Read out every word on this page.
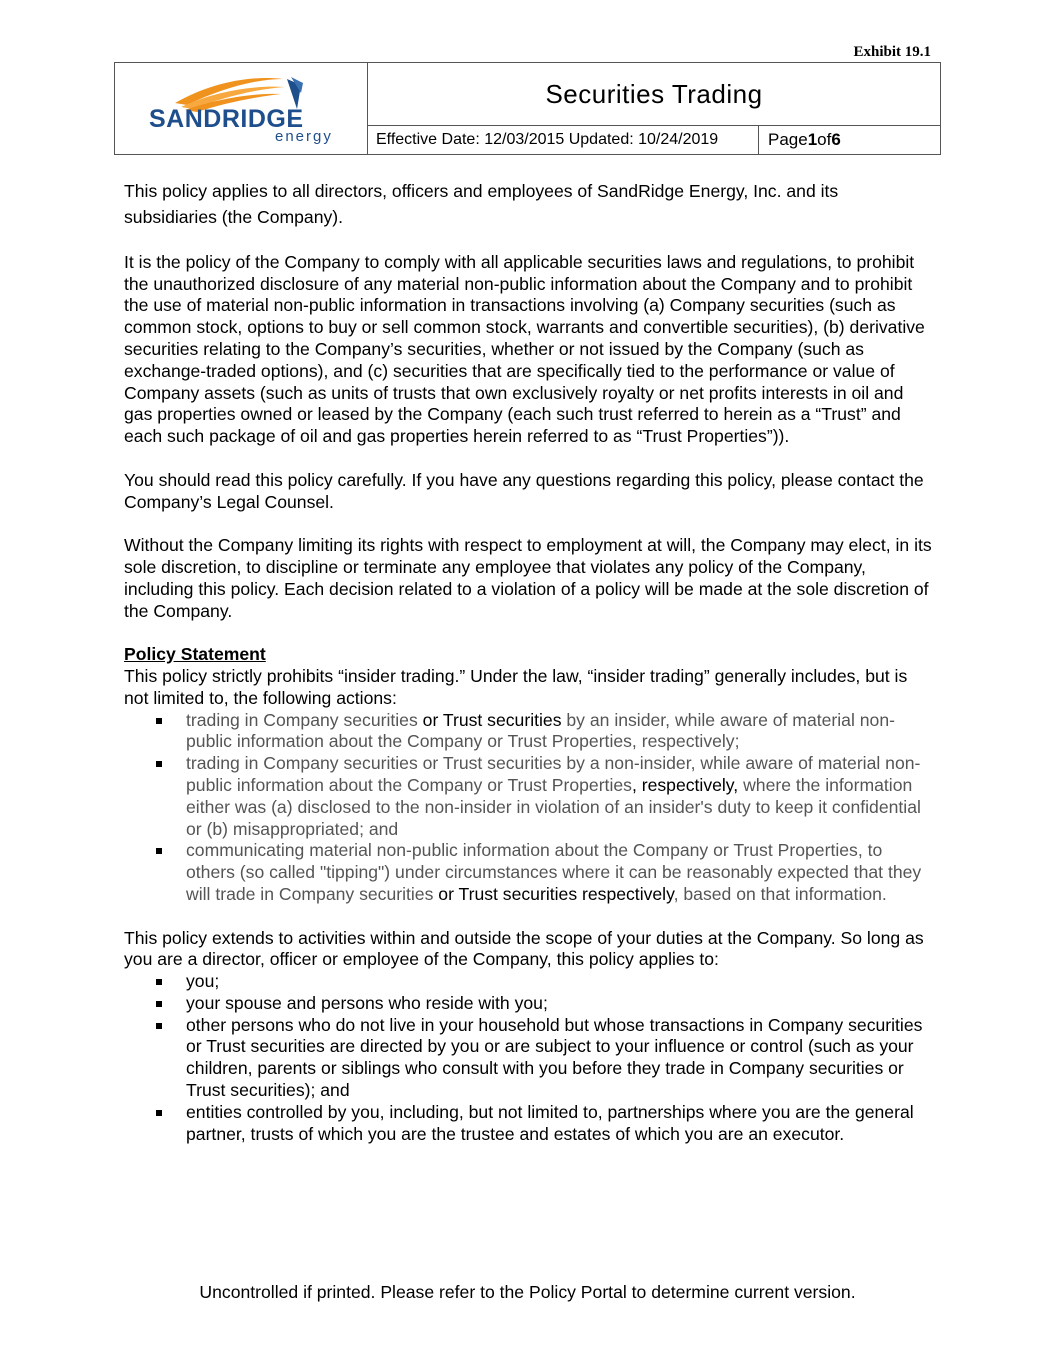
Exhibit 19.1
SANDRIDGE
energy
Securities Trading
Effective Date: 12/03/2015 Updated: 10/24/2019	Page 1 of 6

This policy applies to all directors, officers and employees of SandRidge Energy, Inc. and its subsidiaries (the Company).

It is the policy of the Company to comply with all applicable securities laws and regulations, to prohibit the unauthorized disclosure of any material non-public information about the Company and to prohibit the use of material non-public information in transactions involving (a) Company securities (such as common stock, options to buy or sell common stock, warrants and convertible securities), (b) derivative securities relating to the Company’s securities, whether or not issued by the Company (such as exchange-traded options), and (c) securities that are specifically tied to the performance or value of Company assets (such as units of trusts that own exclusively royalty or net profits interests in oil and gas properties owned or leased by the Company (each such trust referred to herein as a “Trust” and each such package of oil and gas properties herein referred to as “Trust Properties”)).

You should read this policy carefully. If you have any questions regarding this policy, please contact the Company’s Legal Counsel.

Without the Company limiting its rights with respect to employment at will, the Company may elect, in its sole discretion, to discipline or terminate any employee that violates any policy of the Company, including this policy. Each decision related to a violation of a policy will be made at the sole discretion of the Company.

Policy Statement
This policy strictly prohibits “insider trading.” Under the law, “insider trading” generally includes, but is not limited to, the following actions:
trading in Company securities or Trust securities by an insider, while aware of material non-public information about the Company or Trust Properties, respectively;
trading in Company securities or Trust securities by a non-insider, while aware of material non-public information about the Company or Trust Properties, respectively, where the information either was (a) disclosed to the non-insider in violation of an insider's duty to keep it confidential or (b) misappropriated; and
communicating material non-public information about the Company or Trust Properties, to others (so called "tipping") under circumstances where it can be reasonably expected that they will trade in Company securities or Trust securities respectively, based on that information.
This policy extends to activities within and outside the scope of your duties at the Company. So long as you are a director, officer or employee of the Company, this policy applies to:
you;
your spouse and persons who reside with you;
other persons who do not live in your household but whose transactions in Company securities or Trust securities are directed by you or are subject to your influence or control (such as your children, parents or siblings who consult with you before they trade in Company securities or Trust securities); and
entities controlled by you, including, but not limited to, partnerships where you are the general partner, trusts of which you are the trustee and estates of which you are an executor.
Uncontrolled if printed. Please refer to the Policy Portal to determine current version.
